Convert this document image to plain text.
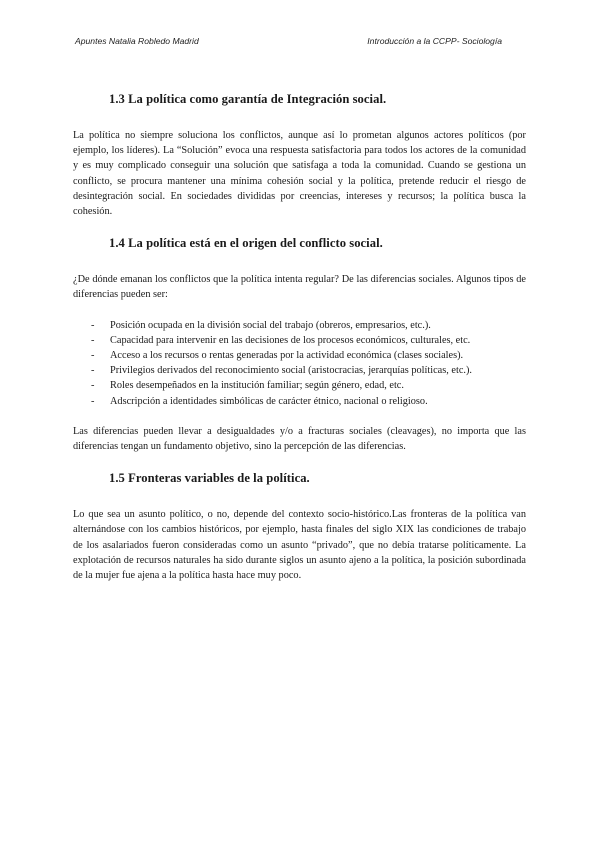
Apuntes Natalia Robledo Madrid	Introducción a la CCPP- Sociología
1.3 La política como garantía de Integración social.

La política no siempre soluciona los conflictos, aunque así lo prometan algunos actores políticos (por ejemplo, los líderes). La “Solución” evoca una respuesta satisfactoria para todos los actores de la comunidad y es muy complicado conseguir una solución que satisfaga a toda la comunidad. Cuando se gestiona un conflicto, se procura mantener una mínima cohesión social y la política, pretende reducir el riesgo de desintegración social. En sociedades divididas por creencias, intereses y recursos; la política busca la cohesión.

1.4 La política está en el origen del conflicto social.

¿De dónde emanan los conflictos que la política intenta regular? De las diferencias sociales. Algunos tipos de diferencias pueden ser:

- Posición ocupada en la división social del trabajo (obreros, empresarios, etc.).
- Capacidad para intervenir en las decisiones de los procesos económicos, culturales, etc.
- Acceso a los recursos o rentas generadas por la actividad económica (clases sociales).
- Privilegios derivados del reconocimiento social (aristocracias, jerarquías políticas, etc.).
- Roles desempeñados en la institución familiar; según género, edad, etc.
- Adscripción a identidades simbólicas de carácter étnico, nacional o religioso.

Las diferencias pueden llevar a desigualdades y/o a fracturas sociales (cleavages), no importa que las diferencias tengan un fundamento objetivo, sino la percepción de las diferencias.

1.5 Fronteras variables de la política.

Lo que sea un asunto político, o no, depende del contexto socio-histórico.Las fronteras de la política van alternándose con los cambios históricos, por ejemplo, hasta finales del siglo XIX las condiciones de trabajo de los asalariados fueron consideradas como un asunto “privado”, que no debía tratarse políticamente. La explotación de recursos naturales ha sido durante siglos un asunto ajeno a la política, la posición subordinada de la mujer fue ajena a la política hasta hace muy poco.
